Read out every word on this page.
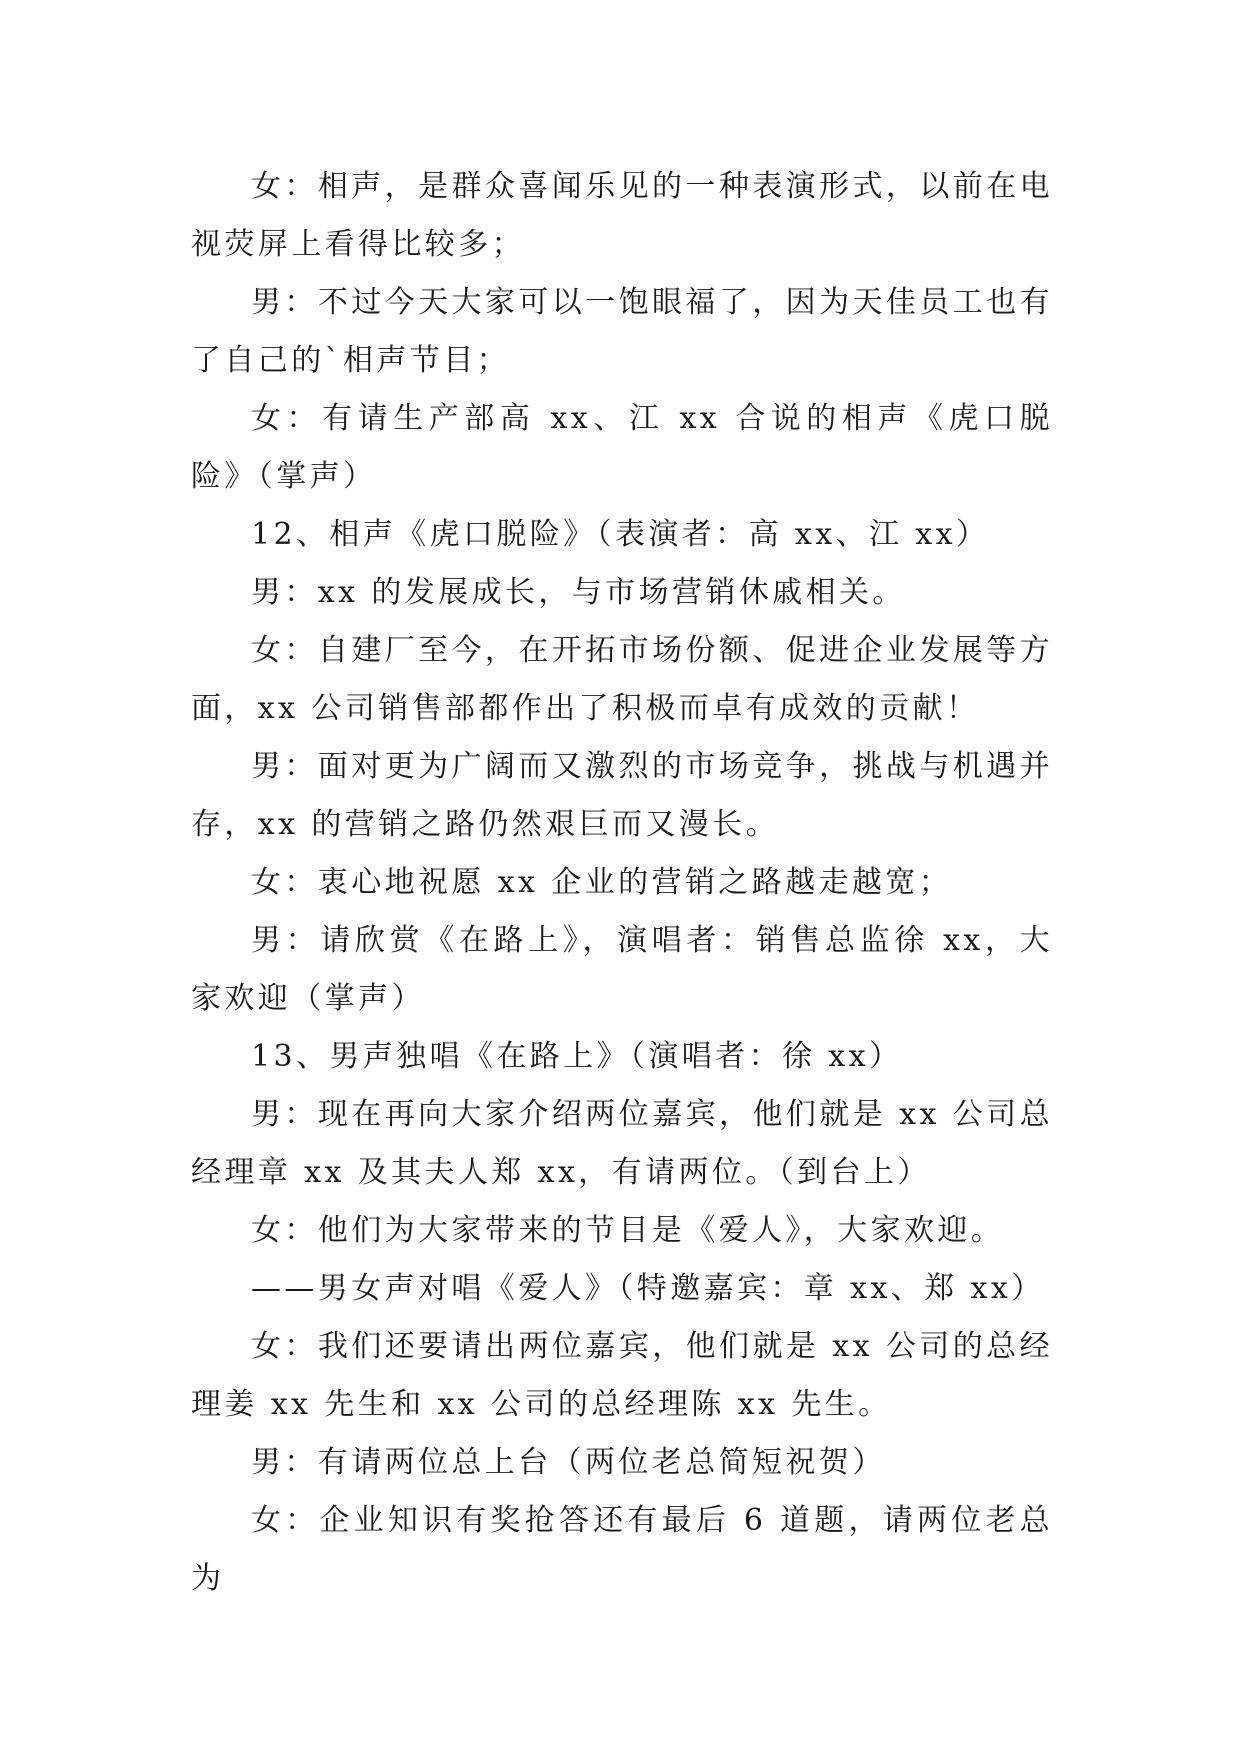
女：相声，是群众喜闻乐见的一种表演形式，以前在电视荧屏上看得比较多；

男：不过今天大家可以一饱眼福了，因为天佳员工也有了自己的`相声节目；

女：有请生产部高 xx、江 xx 合说的相声《虎口脱险》（掌声）

12、相声《虎口脱险》（表演者：高 xx、江 xx）

男：xx 的发展成长，与市场营销休戚相关。

女：自建厂至今，在开拓市场份额、促进企业发展等方面，xx 公司销售部都作出了积极而卓有成效的贡献！

男：面对更为广阔而又激烈的市场竞争，挑战与机遇并存，xx 的营销之路仍然艰巨而又漫长。

女：衷心地祝愿 xx 企业的营销之路越走越宽；

男：请欣赏《在路上》，演唱者：销售总监徐 xx，大家欢迎（掌声）

13、男声独唱《在路上》（演唱者：徐 xx）

男：现在再向大家介绍两位嘉宾，他们就是 xx 公司总经理章 xx 及其夫人郑 xx，有请两位。（到台上）

女：他们为大家带来的节目是《爱人》，大家欢迎。

——男女声对唱《爱人》（特邀嘉宾：章 xx、郑 xx）

女：我们还要请出两位嘉宾，他们就是 xx 公司的总经理姜 xx 先生和 xx 公司的总经理陈 xx 先生。

男：有请两位总上台（两位老总简短祝贺）

女：企业知识有奖抢答还有最后 6 道题，请两位老总为
